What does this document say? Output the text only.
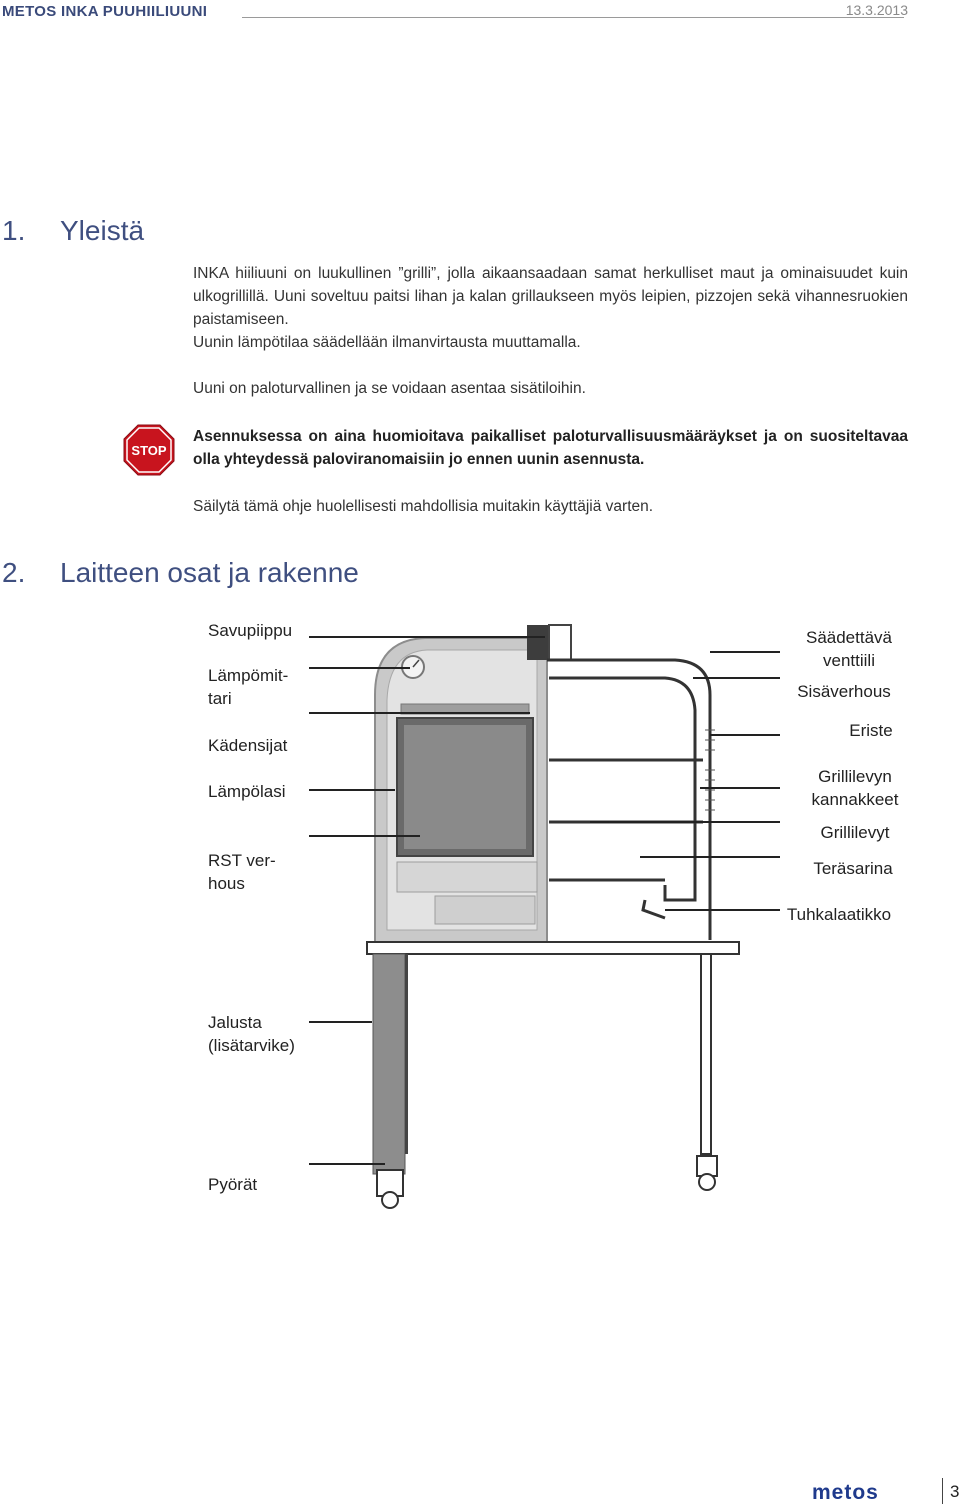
METOS INKA PUUHIILIUUNI	13.3.2013
1. Yleistä

INKA hiiliuuni on luukullinen ”grilli”, jolla aikaansaadaan samat herkulliset maut ja ominaisuudet kuin ulkogrillillä. Uuni soveltuu paitsi lihan ja kalan grillaukseen myös leipien, pizzojen sekä vihannesruokien paistamiseen.

Uunin lämpötilaa säädellään ilmanvirtausta muuttamalla.

Uuni on paloturvallinen ja se voidaan asentaa sisätiloihin.

STOP
Asennuksessa on aina huomioitava paikalliset paloturvallisuusmääräykset ja on suositeltavaa olla yhteydessä paloviranomaisiin jo ennen uunin asennusta.
Säilytä tämä ohje huolellisesti mahdollisia muitakin käyttäjiä varten.
2. Laitteen osat ja rakenne
Savupiippu
Lämpömit-
tari
Kädensijat
Lämpölasi
RST ver-
hous
Jalusta
(lisätarvike)
Pyörät
Säädettävä
venttiili
Sisäverhous
Eriste
Grillilevyn
kannakkeet
Grillilevyt
Teräsarina
Tuhkalaatikko
metos	3
